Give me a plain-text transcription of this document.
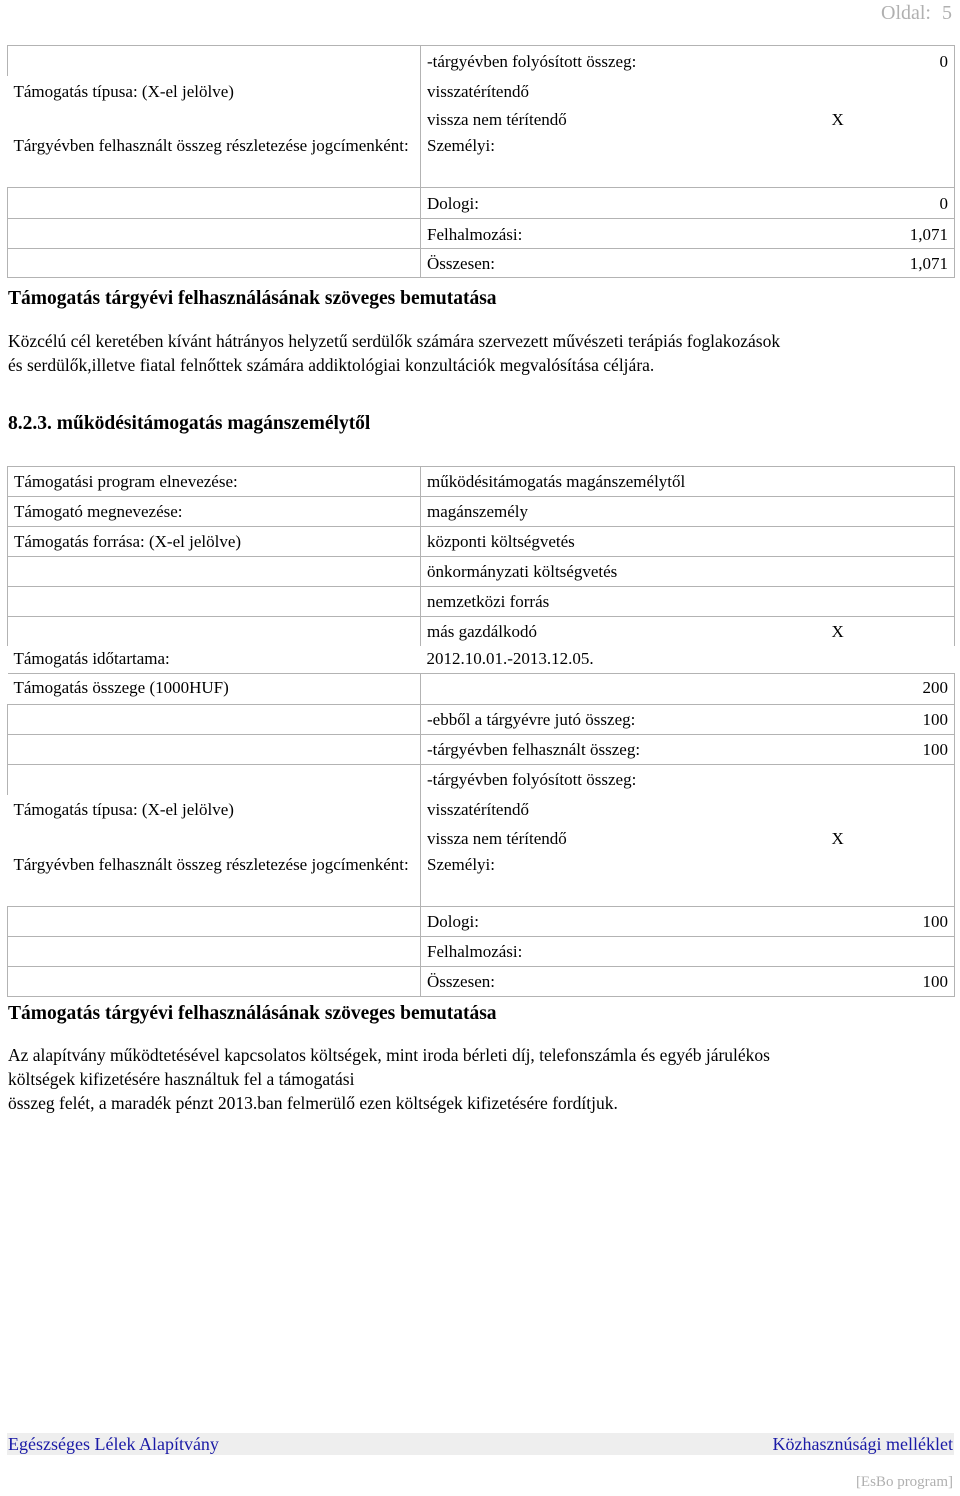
Oldal: 5
	-tárgyévben folyósított összeg:	0
Támogatás típusa: (X-el jelölve)	visszatérítendő	
	vissza nem térítendő	X
Tárgyévben felhasznált összeg részletezése jogcímenként:	Személyi:	
	Dologi:	0
	Felhalmozási:	1,071
	Összesen:	1,071
Támogatás tárgyévi felhasználásának szöveges bemutatása

Közcélú cél keretében kívánt hátrányos helyzetű serdülők számára szervezett művészeti terápiás foglakozások

és serdülők,illetve fiatal felnőttek számára addiktológiai konzultációk megvalósítása céljára.

8.2.3. működésitámogatás magánszemélytől
Támogatási program elnevezése:	működésitámogatás magánszemélytől	
Támogató megnevezése:	magánszemély	
Támogatás forrása: (X-el jelölve)	központi költségvetés	
	önkormányzati költségvetés	
	nemzetközi forrás	
	más gazdálkodó	X
Támogatás időtartama:	2012.10.01.-2013.12.05.	
Támogatás összege (1000HUF)		200
	-ebből a tárgyévre jutó összeg:	100
	-tárgyévben felhasznált összeg:	100
	-tárgyévben folyósított összeg:	
Támogatás típusa: (X-el jelölve)	visszatérítendő	
	vissza nem térítendő	X
Tárgyévben felhasznált összeg részletezése jogcímenként:	Személyi:	
	Dologi:	100
	Felhalmozási:	
	Összesen:	100
Támogatás tárgyévi felhasználásának szöveges bemutatása

Az alapítvány működtetésével kapcsolatos költségek, mint iroda bérleti díj, telefonszámla és egyéb járulékos

költségek kifizetésére használtuk fel a támogatási

összeg felét, a maradék pénzt 2013.ban felmerülő ezen költségek kifizetésére fordítjuk.

Egészséges Lélek Alapítvány	Közhasznúsági melléklet
[EsBo program]
